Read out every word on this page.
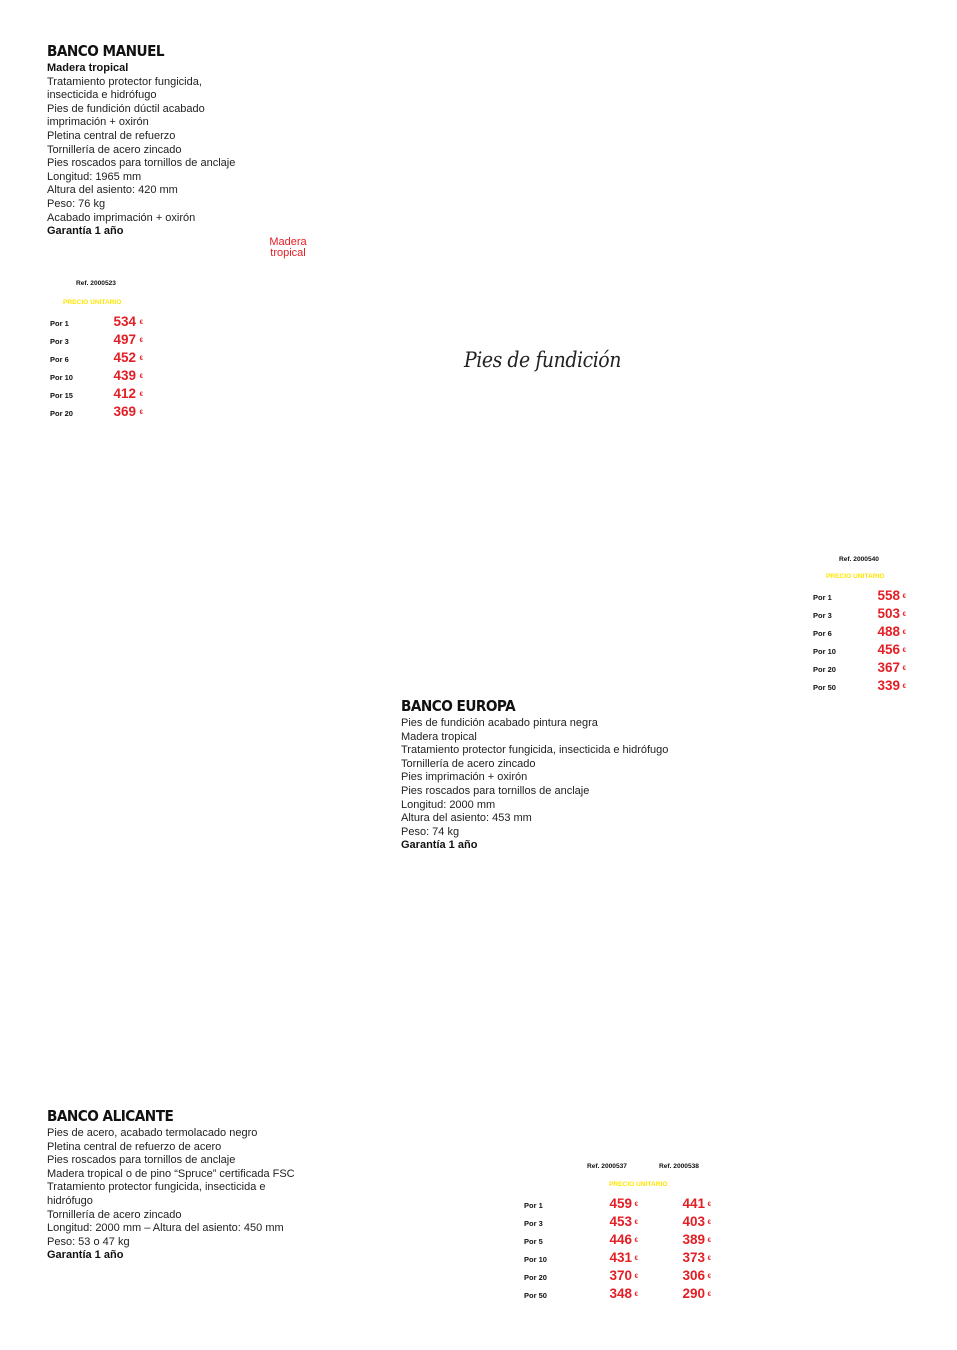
BANCO MANUEL
Madera tropical
Tratamiento protector fungicida,
insecticida e hidrófugo
Pies de fundición dúctil acabado
imprimación + oxirón
Pletina central de refuerzo
Tornillería de acero zincado
Pies roscados para tornillos de anclaje
Longitud: 1965 mm
Altura del asiento: 420 mm
Peso: 76 kg
Acabado imprimación + oxirón
Garantía 1 año
Madera
tropical
Ref. 2000523
PRECIO UNITARIO
Por 1	534 €
Por 3	497 €
Por 6	452 €
Por 10	439 €
Por 15	412 €
Por 20	369 €
Pies de fundición
Ref. 2000540
PRECIO UNITARIO
Por 1	558 €
Por 3	503 €
Por 6	488 €
Por 10	456 €
Por 20	367 €
Por 50	339 €
BANCO EUROPA
Pies de fundición acabado pintura negra
Madera tropical
Tratamiento protector fungicida, insecticida e hidrófugo
Tornillería de acero zincado
Pies imprimación + oxirón
Pies roscados para tornillos de anclaje
Longitud: 2000 mm
Altura del asiento: 453 mm
Peso: 74 kg
Garantía 1 año
BANCO ALICANTE
Pies de acero, acabado termolacado negro
Pletina central de refuerzo de acero
Pies roscados para tornillos de anclaje
Madera tropical o de pino “Spruce” certificada FSC
Tratamiento protector fungicida, insecticida e
hidrófugo
Tornillería de acero zincado
Longitud: 2000 mm – Altura del asiento: 450 mm
Peso: 53 o 47 kg
Garantía 1 año
Ref. 2000537	Ref. 2000538
PRECIO UNITARIO
Por 1	459 €	441 €
Por 3	453 €	403 €
Por 5	446 €	389 €
Por 10	431 €	373 €
Por 20	370 €	306 €
Por 50	348 €	290 €
